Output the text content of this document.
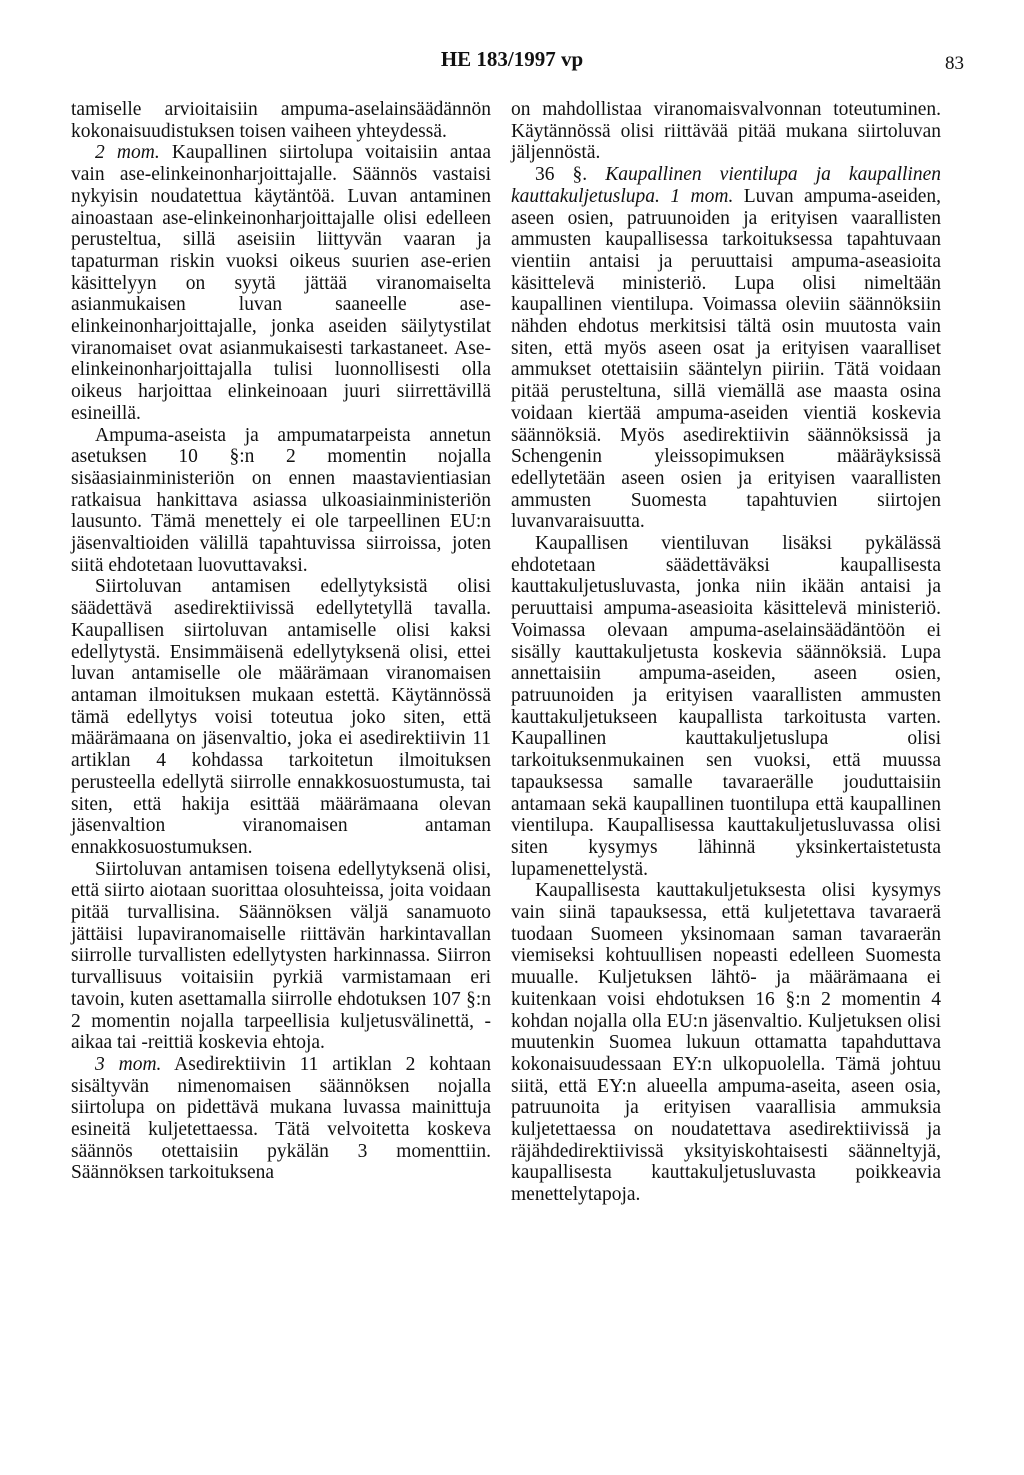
HE 183/1997 vp	83

tamiselle arvioitaisiin ampuma-aselainsäädännön kokonaisuudistuksen toisen vaiheen yhteydessä.

2 mom. Kaupallinen siirtolupa voitaisiin antaa vain ase-elinkeinonharjoittajalle. Säännös vastaisi nykyisin noudatettua käytäntöä. Luvan antaminen ainoastaan ase-elinkeinonharjoittajalle olisi edelleen perusteltua, sillä aseisiin liittyvän vaaran ja tapaturman riskin vuoksi oikeus suurien ase-erien käsittelyyn on syytä jättää viranomaiselta asianmukaisen luvan saaneelle ase-elinkeinonharjoittajalle, jonka aseiden säilytystilat viranomaiset ovat asianmukaisesti tarkastaneet. Ase-elinkeinonharjoittajalla tulisi luonnollisesti olla oikeus harjoittaa elinkeinoaan juuri siirrettävillä esineillä.

Ampuma-aseista ja ampumatarpeista annetun asetuksen 10 §:n 2 momentin nojalla sisäasiainministeriön on ennen maastavientiasian ratkaisua hankittava asiassa ulkoasiainministeriön lausunto. Tämä menettely ei ole tarpeellinen EU:n jäsenvaltioiden välillä tapahtuvissa siirroissa, joten siitä ehdotetaan luovuttavaksi.

Siirtoluvan antamisen edellytyksistä olisi säädettävä asedirektiivissä edellytetyllä tavalla. Kaupallisen siirtoluvan antamiselle olisi kaksi edellytystä. Ensimmäisenä edellytyksenä olisi, ettei luvan antamiselle ole määrämaan viranomaisen antaman ilmoituksen mukaan estettä. Käytännössä tämä edellytys voisi toteutua joko siten, että määrämaana on jäsenvaltio, joka ei asedirektiivin 11 artiklan 4 kohdassa tarkoitetun ilmoituksen perusteella edellytä siirrolle ennakkosuostumusta, tai siten, että hakija esittää määrämaana olevan jäsenvaltion viranomaisen antaman ennakkosuostumuksen.

Siirtoluvan antamisen toisena edellytyksenä olisi, että siirto aiotaan suorittaa olosuhteissa, joita voidaan pitää turvallisina. Säännöksen väljä sanamuoto jättäisi lupaviranomaiselle riittävän harkintavallan siirrolle turvallisten edellytysten harkinnassa. Siirron turvallisuus voitaisiin pyrkiä varmistamaan eri tavoin, kuten asettamalla siirrolle ehdotuksen 107 §:n 2 momentin nojalla tarpeellisia kuljetusvälinettä, -aikaa tai -reittiä koskevia ehtoja.

3 mom. Asedirektiivin 11 artiklan 2 kohtaan sisältyvän nimenomaisen säännöksen nojalla siirtolupa on pidettävä mukana luvassa mainittuja esineitä kuljetettaessa. Tätä velvoitetta koskeva säännös otettaisiin pykälän 3 momenttiin. Säännöksen tarkoituksena

on mahdollistaa viranomaisvalvonnan toteutuminen. Käytännössä olisi riittävää pitää mukana siirtoluvan jäljennöstä.

36 §. Kaupallinen vientilupa ja kaupallinen kauttakuljetuslupa. 1 mom. Luvan ampuma-aseiden, aseen osien, patruunoiden ja erityisen vaarallisten ammusten kaupallisessa tarkoituksessa tapahtuvaan vientiin antaisi ja peruuttaisi ampuma-aseasioita käsittelevä ministeriö. Lupa olisi nimeltään kaupallinen vientilupa. Voimassa oleviin säännöksiin nähden ehdotus merkitsisi tältä osin muutosta vain siten, että myös aseen osat ja erityisen vaaralliset ammukset otettaisiin sääntelyn piiriin. Tätä voidaan pitää perusteltuna, sillä viemällä ase maasta osina voidaan kiertää ampuma-aseiden vientiä koskevia säännöksiä. Myös asedirektiivin säännöksissä ja Schengenin yleissopimuksen määräyksissä edellytetään aseen osien ja erityisen vaarallisten ammusten Suomesta tapahtuvien siirtojen luvanvaraisuutta.

Kaupallisen vientiluvan lisäksi pykälässä ehdotetaan säädettäväksi kaupallisesta kauttakuljetusluvasta, jonka niin ikään antaisi ja peruuttaisi ampuma-aseasioita käsittelevä ministeriö. Voimassa olevaan ampuma-aselainsäädäntöön ei sisälly kauttakuljetusta koskevia säännöksiä. Lupa annettaisiin ampuma-aseiden, aseen osien, patruunoiden ja erityisen vaarallisten ammusten kauttakuljetukseen kaupallista tarkoitusta varten. Kaupallinen kauttakuljetuslupa olisi tarkoituksenmukainen sen vuoksi, että muussa tapauksessa samalle tavaraerälle jouduttaisiin antamaan sekä kaupallinen tuontilupa että kaupallinen vientilupa. Kaupallisessa kauttakuljetusluvassa olisi siten kysymys lähinnä yksinkertaistetusta lupamenettelystä.

Kaupallisesta kauttakuljetuksesta olisi kysymys vain siinä tapauksessa, että kuljetettava tavaraerä tuodaan Suomeen yksinomaan saman tavaraerän viemiseksi kohtuullisen nopeasti edelleen Suomesta muualle. Kuljetuksen lähtö- ja määrämaana ei kuitenkaan voisi ehdotuksen 16 §:n 2 momentin 4 kohdan nojalla olla EU:n jäsenvaltio. Kuljetuksen olisi muutenkin Suomea lukuun ottamatta tapahduttava kokonaisuudessaan EY:n ulkopuolella. Tämä johtuu siitä, että EY:n alueella ampuma-aseita, aseen osia, patruunoita ja erityisen vaarallisia ammuksia kuljetettaessa on noudatettava asedirektiivissä ja räjähdedirektiivissä yksityiskohtaisesti säänneltyjä, kaupallisesta kauttakuljetusluvasta poikkeavia menettelytapoja.
